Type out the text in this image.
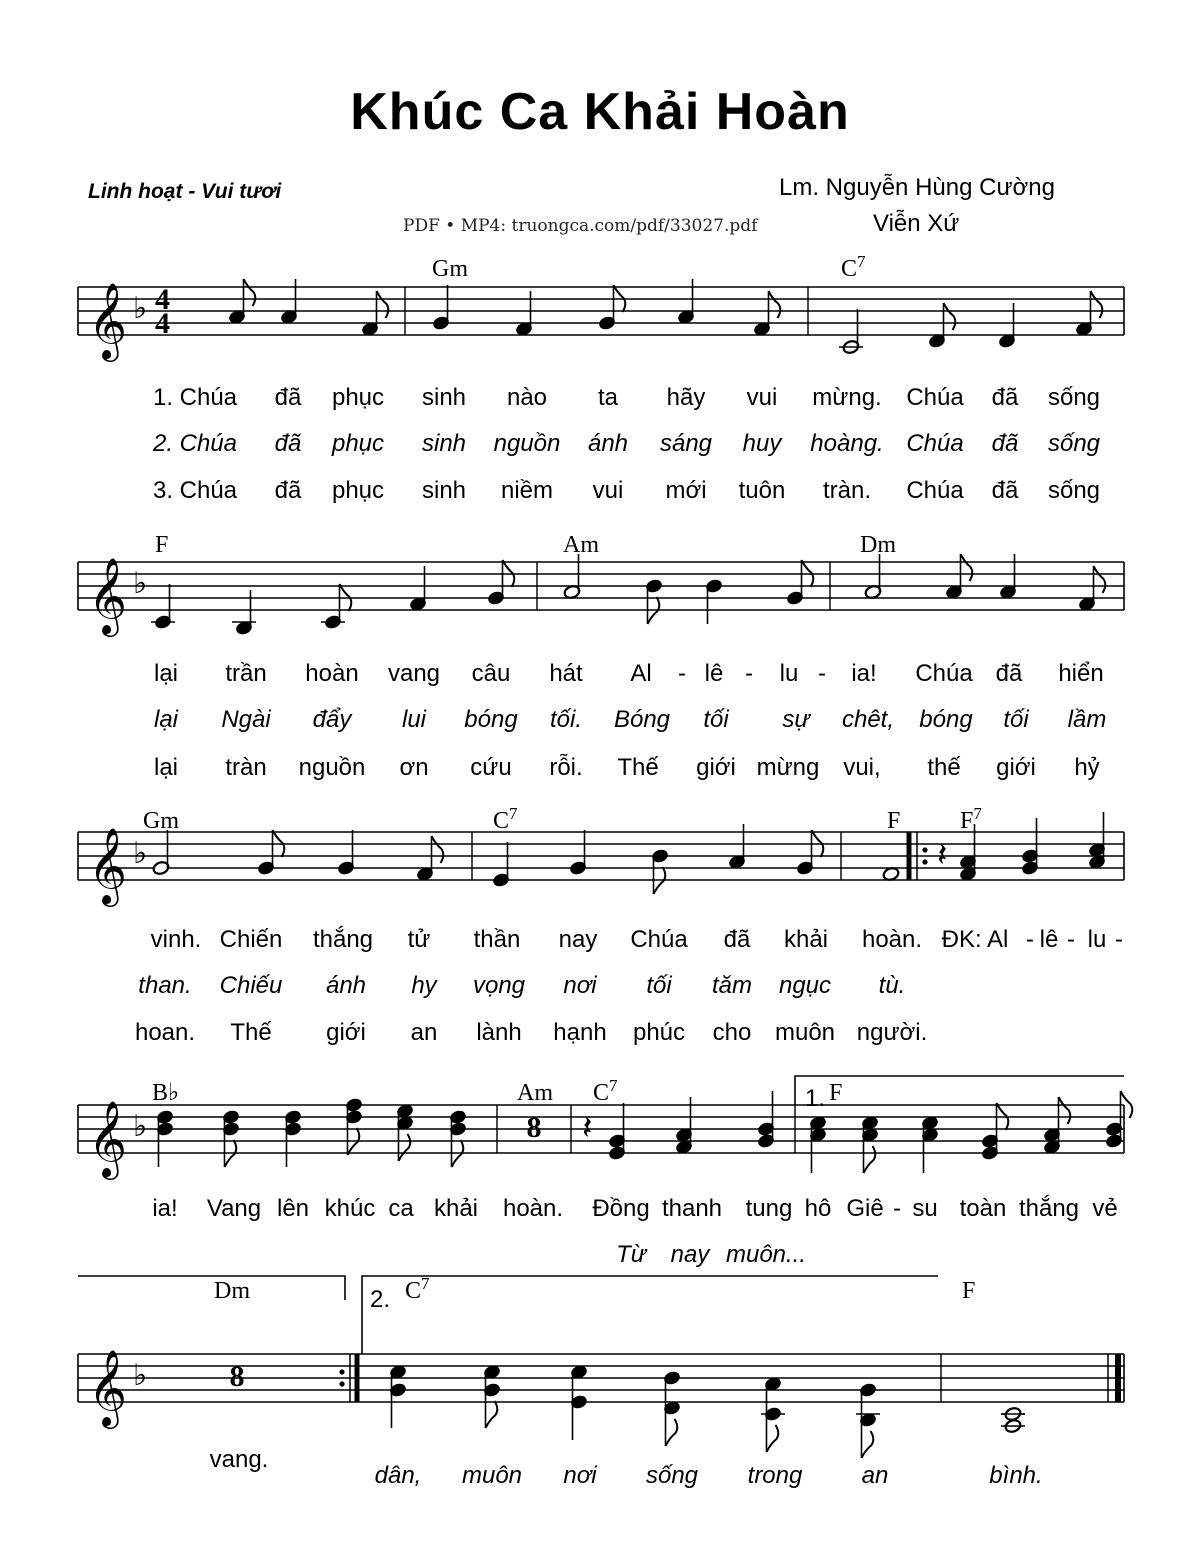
Khúc Ca Khải Hoàn
Linh hoạt - Vui tươi	Lm. Nguyễn Hùng Cường
Viễn Xứ
PDF • MP4: truongca.com/pdf/33027.pdf
𝄞 ♭ 4
4
𝄞 ♭
𝄞 ♭
𝄞 ♭
𝄞 ♭
𝄽
8 𝄽
8
1.
2.
Gm	$C^7$
F	Am	Dm
Gm	$C^7$	F $F^7$
B♭	Am $C^7$	F
Dm	$C^7$	F
1. Chúa đã phục sinh nào ta hãy vui mừng. Chúa đã sống
2. Chúa đã phục sinh nguồn ánh sáng huy hoàng. Chúa đã sống
3. Chúa đã phục sinh niềm vui mới tuôn tràn. Chúa đã sống
lại trần hoàn vang câu hát Al - lê - lu - ia! Chúa đã hiển
lại Ngài đẩy lui bóng tối. Bóng tối sự chêt, bóng tối lầm
lại tràn nguồn ơn cứu rỗi. Thế giới mừng vui, thế giới hỷ
vinh. Chiến thắng tử thần nay Chúa đã khải hoàn. ĐK: Al - lê - lu -
than. Chiếu ánh hy vọng nơi tối tăm ngục tù.
hoan. Thế giới an lành hạnh phúc cho muôn người.
ia! Vang lên khúc ca khải hoàn. Đồng thanh tung hô Giê - su toàn thắng vẻ
Từ nay muôn...
vang.
dân, muôn nơi sống trong an	bình.
